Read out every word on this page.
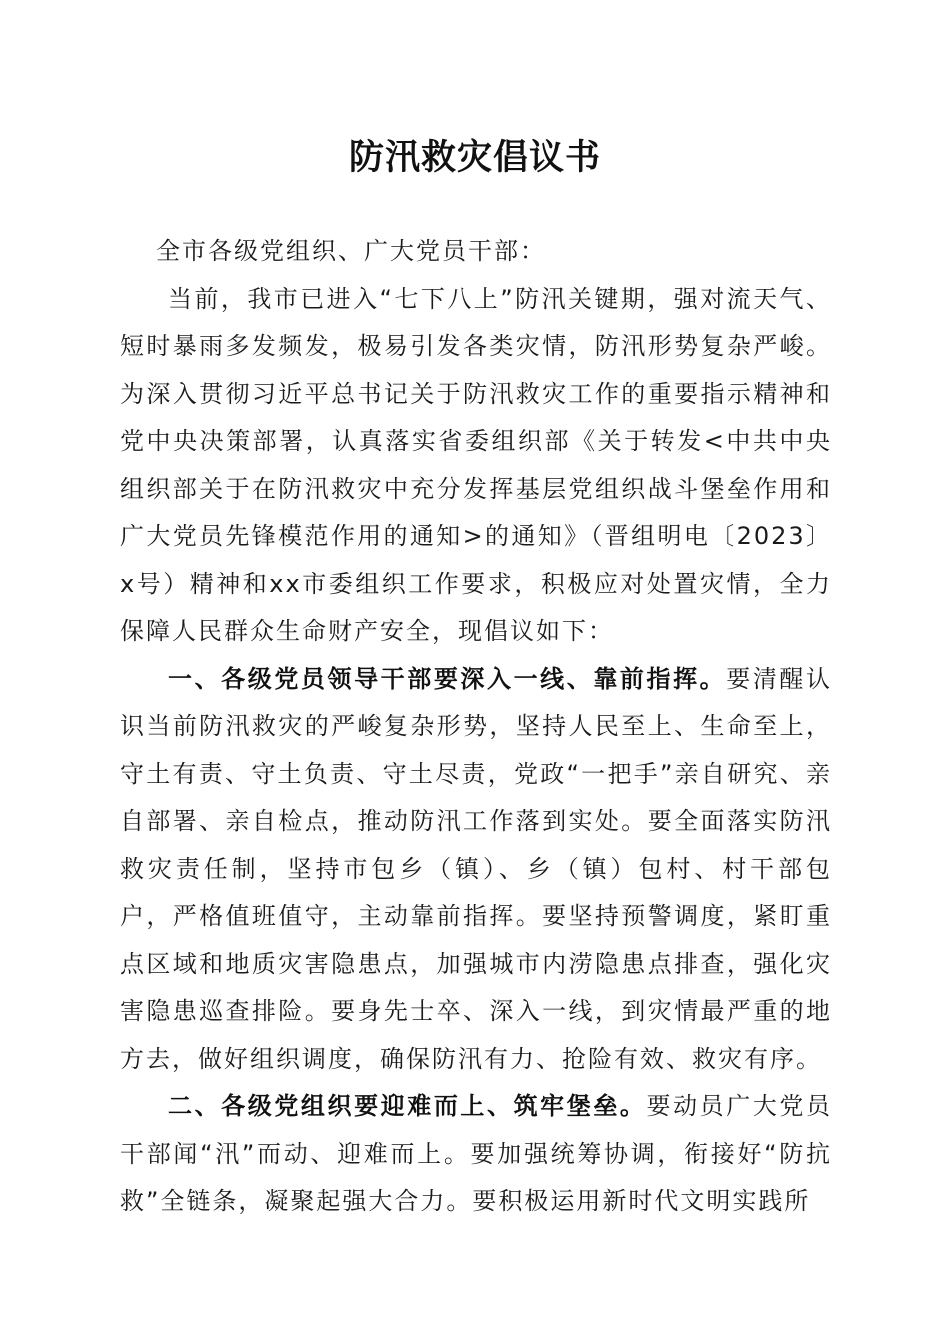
防汛救灾倡议书

全市各级党组织、广大党员干部：

当前，我市已进入“七下八上”防汛关键期，强对流天气、短时暴雨多发频发，极易引发各类灾情，防汛形势复杂严峻。为深入贯彻习近平总书记关于防汛救灾工作的重要指示精神和党中央决策部署，认真落实省委组织部《关于转发<中共中央组织部关于在防汛救灾中充分发挥基层党组织战斗堡垒作用和广大党员先锋模范作用的通知>的通知》（晋组明电〔2023〕x号）精神和xx市委组织工作要求，积极应对处置灾情，全力保障人民群众生命财产安全，现倡议如下：

一、各级党员领导干部要深入一线、靠前指挥。要清醒认识当前防汛救灾的严峻复杂形势，坚持人民至上、生命至上，守土有责、守土负责、守土尽责，党政“一把手”亲自研究、亲自部署、亲自检点，推动防汛工作落到实处。要全面落实防汛救灾责任制，坚持市包乡（镇）、乡（镇）包村、村干部包户，严格值班值守，主动靠前指挥。要坚持预警调度，紧盯重点区域和地质灾害隐患点，加强城市内涝隐患点排查，强化灾害隐患巡查排险。要身先士卒、深入一线，到灾情最严重的地方去，做好组织调度，确保防汛有力、抢险有效、救灾有序。

二、各级党组织要迎难而上、筑牢堡垒。要动员广大党员干部闻“汛”而动、迎难而上。要加强统筹协调，衔接好“防抗救”全链条，凝聚起强大合力。要积极运用新时代文明实践所
